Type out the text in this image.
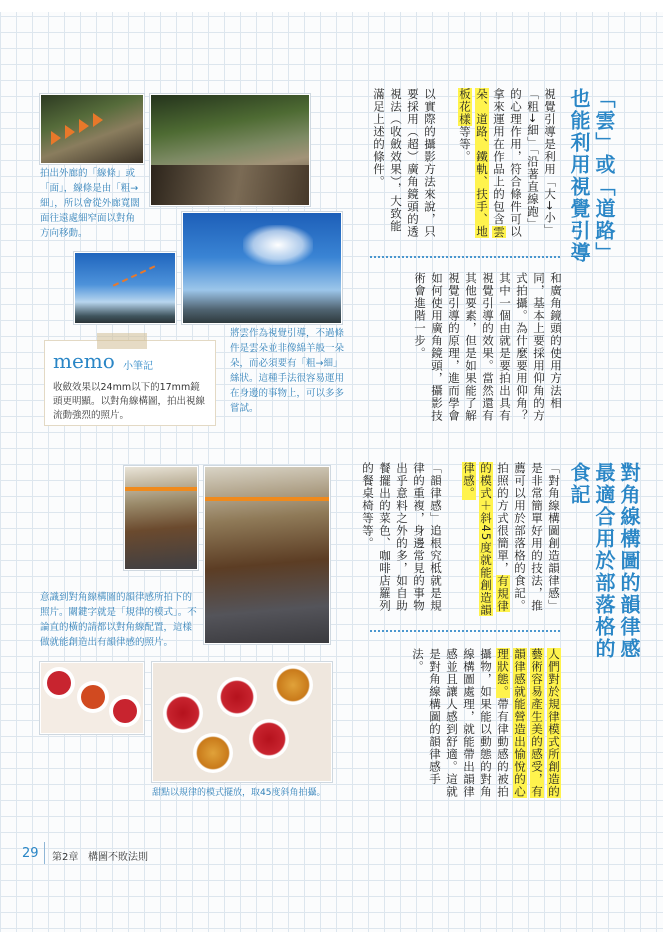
「雲」或「道路」也能利用視覺引導
視覺引導是利用「大→小」「粗→細」「沿著直線跑」的心理作用，符合條件可以拿來運用在作品上的包含雲朵、道路、鐵軌、扶手、地板花樣等等。
以實際的攝影方法來說，只要採用（超）廣角鏡頭的透視法（收斂效果），大致能滿足上述的條件。
和廣角鏡頭的使用方法相同，基本上要採用仰角的方式拍攝。為什麼要用仰角？其中一個由就是要拍出具有視覺引導的效果。當然還有其他要素，但是如果能了解視覺引導的原理，進而學會如何使用廣角鏡頭，攝影技術會進階一步。
拍出外廊的「線條」或「面」，線條是由「粗→細」，所以會從外廊寬闊面往遠處細窄面以對角方向移動。
將雲作為視覺引導，不過條件是雲朵並非像綿羊般一朵朵，而必須要有「粗→細」絲狀。這種手法很容易運用在身邊的事物上，可以多多嘗試。
memo 小筆記
收斂效果以24mm以下的17mm鏡頭更明顯。以對角線構圖，拍出視線流動強烈的照片。
對角線構圖的韻律感最適合用於部落格的食記
「對角線構圖創造韻律感」是非常簡單好用的技法，推薦可以用於部落格的食記。拍照的方式很簡單，有規律的模式＋斜45度就能創造韻律感。
「韻律感」追根究柢就是規律的重複，身邊常見的事物出乎意料之外的多，如自助餐擺出的菜色、咖啡店羅列的餐桌椅等等。
人們對於規律模式所創造的藝術容易產生美的感受，有韻律感就能營造出愉悅的心理狀態。帶有律動感的被拍攝物，如果能以動態的對角線構圖處理，就能帶出韻律感並且讓人感到舒適。這就是對角線構圖的韻律感手法。
意識到對角線構圖的韻律感所拍下的照片。關鍵字就是「規律的模式」。不論直的橫的請都以對角線配置，這樣做就能創造出有韻律感的照片。
甜點以規律的模式擺放，取45度斜角拍攝。
29 第2章 構圖不敗法則
